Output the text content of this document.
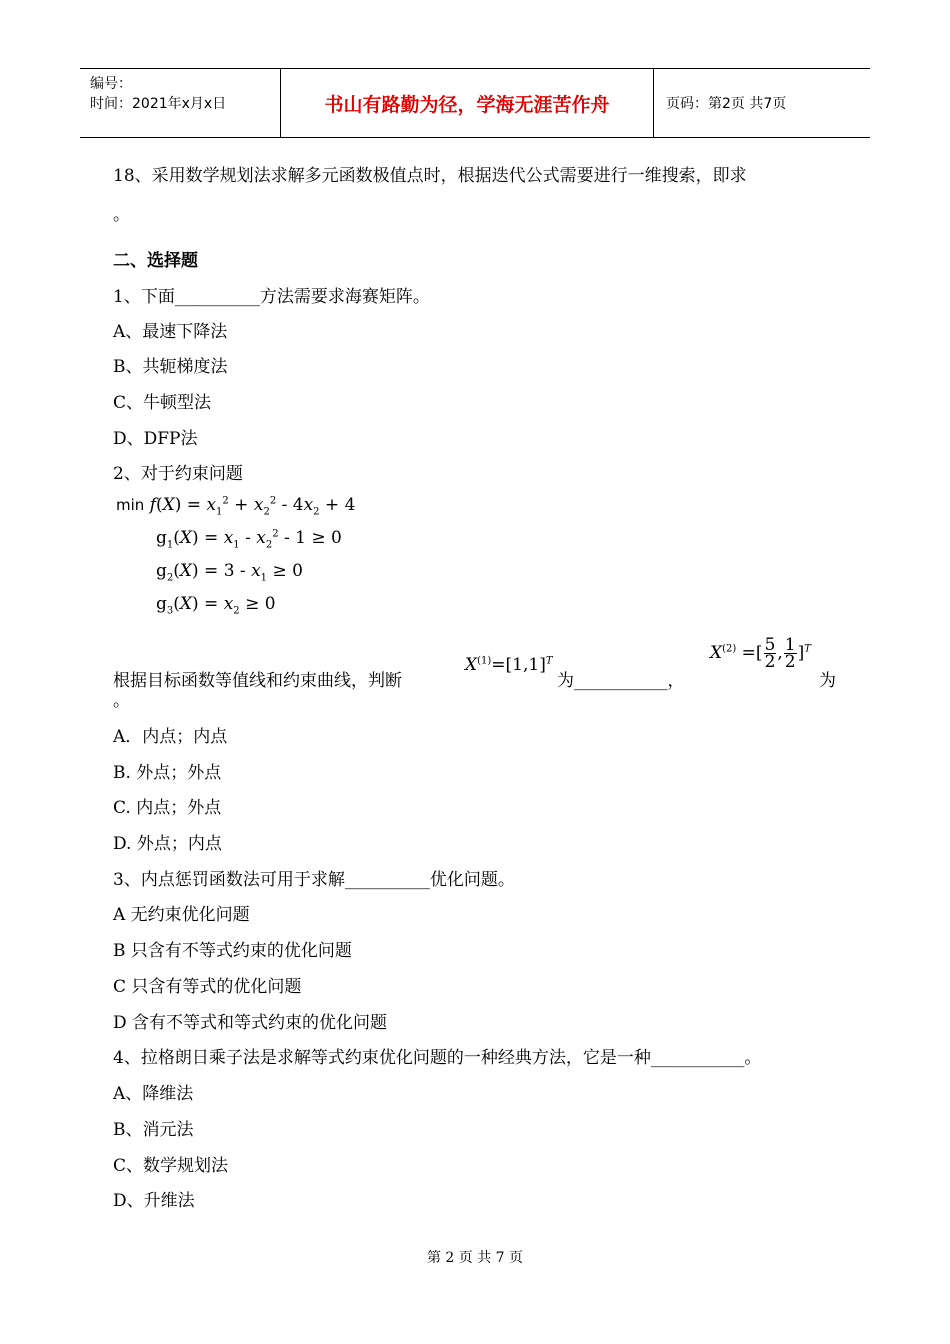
编号：
时间：2021年x月x日	书山有路勤为径，学海无涯苦作舟	页码：第2页 共7页
18、采用数学规划法求解多元函数极值点时，根据迭代公式需要进行一维搜索，即求
。
二、选择题
1、下面__________方法需要求海赛矩阵。
A、最速下降法
B、共轭梯度法
C、牛顿型法
D、DFP法
2、对于约束问题
$\min f(X) = x_1^2 + x_2^2 - 4x_2 + 4$
$g_1(X) = x_1 - x_2^2 - 1 \ge 0$
$g_2(X) = 3 - x_1 \ge 0$
$g_3(X) = x_2 \ge 0$
根据目标函数等值线和约束曲线，判断
$X^{(1)}=[1,1]^T$
为___________，
$X^{(2)}$ =[ $\frac{5}{2}$ , $\frac{1}{2} ]^T$
为
。
A．内点；内点
B. 外点；外点
C. 内点；外点
D. 外点；内点
3、内点惩罚函数法可用于求解__________优化问题。
A 无约束优化问题
B 只含有不等式约束的优化问题
C 只含有等式的优化问题
D 含有不等式和等式约束的优化问题
4、拉格朗日乘子法是求解等式约束优化问题的一种经典方法，它是一种___________。
A、降维法
B、消元法
C、数学规划法
D、升维法
第 2 页 共 7 页
